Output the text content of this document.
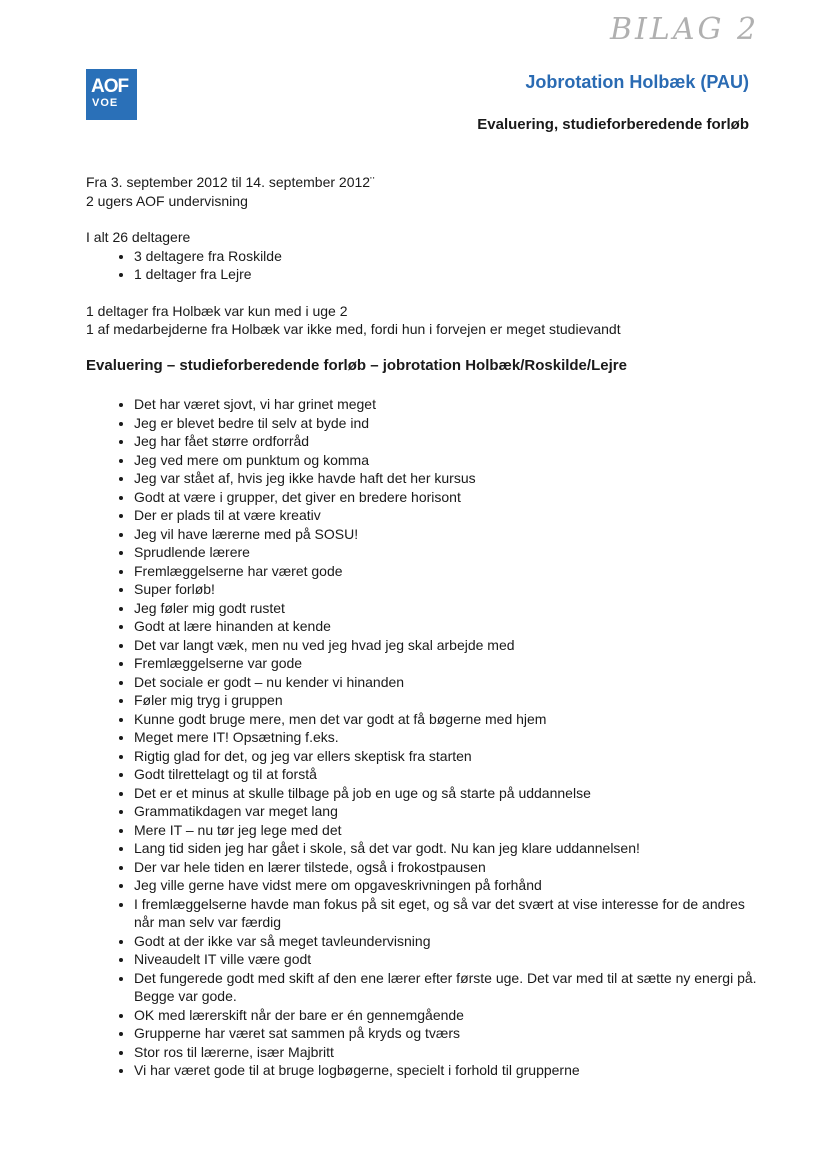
BILAG 2
AOF
VOE
Jobrotation Holbæk (PAU)
Evaluering, studieforberedende forløb

Fra 3. september 2012 til 14. september 2012¨

2 ugers AOF undervisning

I alt 26 deltagere

• 3 deltagere fra Roskilde
• 1 deltager fra Lejre

1 deltager fra Holbæk var kun med i uge 2

1 af medarbejderne fra Holbæk var ikke med, fordi hun i forvejen er meget studievandt

Evaluering – studieforberedende forløb – jobrotation Holbæk/Roskilde/Lejre
• Det har været sjovt, vi har grinet meget
• Jeg er blevet bedre til selv at byde ind
• Jeg har fået større ordforråd
• Jeg ved mere om punktum og komma
• Jeg var stået af, hvis jeg ikke havde haft det her kursus
• Godt at være i grupper, det giver en bredere horisont
• Der er plads til at være kreativ
• Jeg vil have lærerne med på SOSU!
• Sprudlende lærere
• Fremlæggelserne har været gode
• Super forløb!
• Jeg føler mig godt rustet
• Godt at lære hinanden at kende
• Det var langt væk, men nu ved jeg hvad jeg skal arbejde med
• Fremlæggelserne var gode
• Det sociale er godt – nu kender vi hinanden
• Føler mig tryg i gruppen
• Kunne godt bruge mere, men det var godt at få bøgerne med hjem
• Meget mere IT! Opsætning f.eks.
• Rigtig glad for det, og jeg var ellers skeptisk fra starten
• Godt tilrettelagt og til at forstå
• Det er et minus at skulle tilbage på job en uge og så starte på uddannelse
• Grammatikdagen var meget lang
• Mere IT – nu tør jeg lege med det
• Lang tid siden jeg har gået i skole, så det var godt. Nu kan jeg klare uddannelsen!
• Der var hele tiden en lærer tilstede, også i frokostpausen
• Jeg ville gerne have vidst mere om opgaveskrivningen på forhånd
• I fremlæggelserne havde man fokus på sit eget, og så var det svært at vise interesse for de andres når man selv var færdig
• Godt at der ikke var så meget tavleundervisning
• Niveaudelt IT ville være godt
• Det fungerede godt med skift af den ene lærer efter første uge. Det var med til at sætte ny energi på. Begge var gode.
• OK med lærerskift når der bare er én gennemgående
• Grupperne har været sat sammen på kryds og tværs
• Stor ros til lærerne, især Majbritt
• Vi har været gode til at bruge logbøgerne, specielt i forhold til grupperne
